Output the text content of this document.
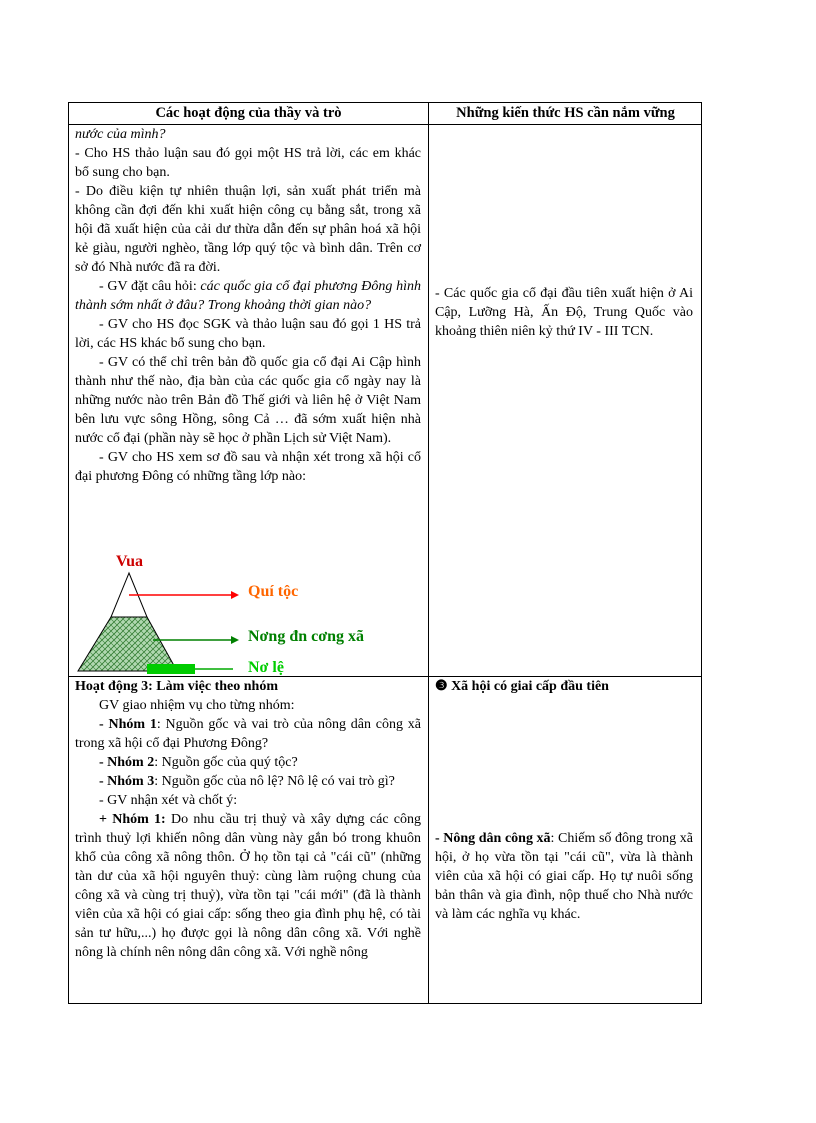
Các hoạt động của thầy và trò	Những kiến thức HS cần nắm vững

nước của mình?

- Cho HS thảo luận sau đó gọi một HS trả lời, các em khác bổ sung cho bạn.

- Do điều kiện tự nhiên thuận lợi, sản xuất phát triển mà không cần đợi đến khi xuất hiện công cụ bằng sắt, trong xã hội đã xuất hiện của cải dư thừa dẫn đến sự phân hoá xã hội kẻ giàu, người nghèo, tầng lớp quý tộc và bình dân. Trên cơ sở đó Nhà nước đã ra đời.

- GV đặt câu hỏi: các quốc gia cổ đại phương Đông hình thành sớm nhất ở đâu? Trong khoảng thời gian nào?

- GV cho HS đọc SGK và thảo luận sau đó gọi 1 HS trả lời, các HS khác bổ sung cho bạn.

- GV có thể chỉ trên bản đồ quốc gia cổ đại Ai Cập hình thành như thế nào, địa bàn của các quốc gia cổ ngày nay là những nước nào trên Bản đồ Thế giới và liên hệ ở Việt Nam bên lưu vực sông Hồng, sông Cả … đã sớm xuất hiện nhà nước cổ đại (phần này sẽ học ở phần Lịch sử Việt Nam).

- GV cho HS xem sơ đồ sau và nhận xét trong xã hội cổ đại phương Đông có những tầng lớp nào:

Vua
Quí tộc
Nơng đn cơng xã
Nơ lệ

- Các quốc gia cổ đại đầu tiên xuất hiện ở Ai Cập, Lưỡng Hà, Ấn Độ, Trung Quốc vào khoảng thiên niên kỷ thứ IV - III TCN.

Hoạt động 3: Làm việc theo nhóm

GV giao nhiệm vụ cho từng nhóm:

- Nhóm 1: Nguồn gốc và vai trò của nông dân công xã trong xã hội cổ đại Phương Đông?

- Nhóm 2: Nguồn gốc của quý tộc?

- Nhóm 3: Nguồn gốc của nô lệ? Nô lệ có vai trò gì?

- GV nhận xét và chốt ý:

+ Nhóm 1: Do nhu cầu trị thuỷ và xây dựng các công trình thuỷ lợi khiến nông dân vùng này gắn bó trong khuôn khổ của công xã nông thôn. Ở họ tồn tại cả "cái cũ" (những tàn dư của xã hội nguyên thuỷ: cùng làm ruộng chung của công xã và cùng trị thuỷ), vừa tồn tại "cái mới" (đã là thành viên của xã hội có giai cấp: sống theo gia đình phụ hệ, có tài sản tư hữu,...) họ được gọi là nông dân công xã. Với nghề nông là chính nên nông dân công xã. Với nghề nông

❸ Xã hội có giai cấp đầu tiên

- Nông dân công xã: Chiếm số đông trong xã hội, ở họ vừa tồn tại "cái cũ", vừa là thành viên của xã hội có giai cấp. Họ tự nuôi sống bản thân và gia đình, nộp thuế cho Nhà nước và làm các nghĩa vụ khác.
